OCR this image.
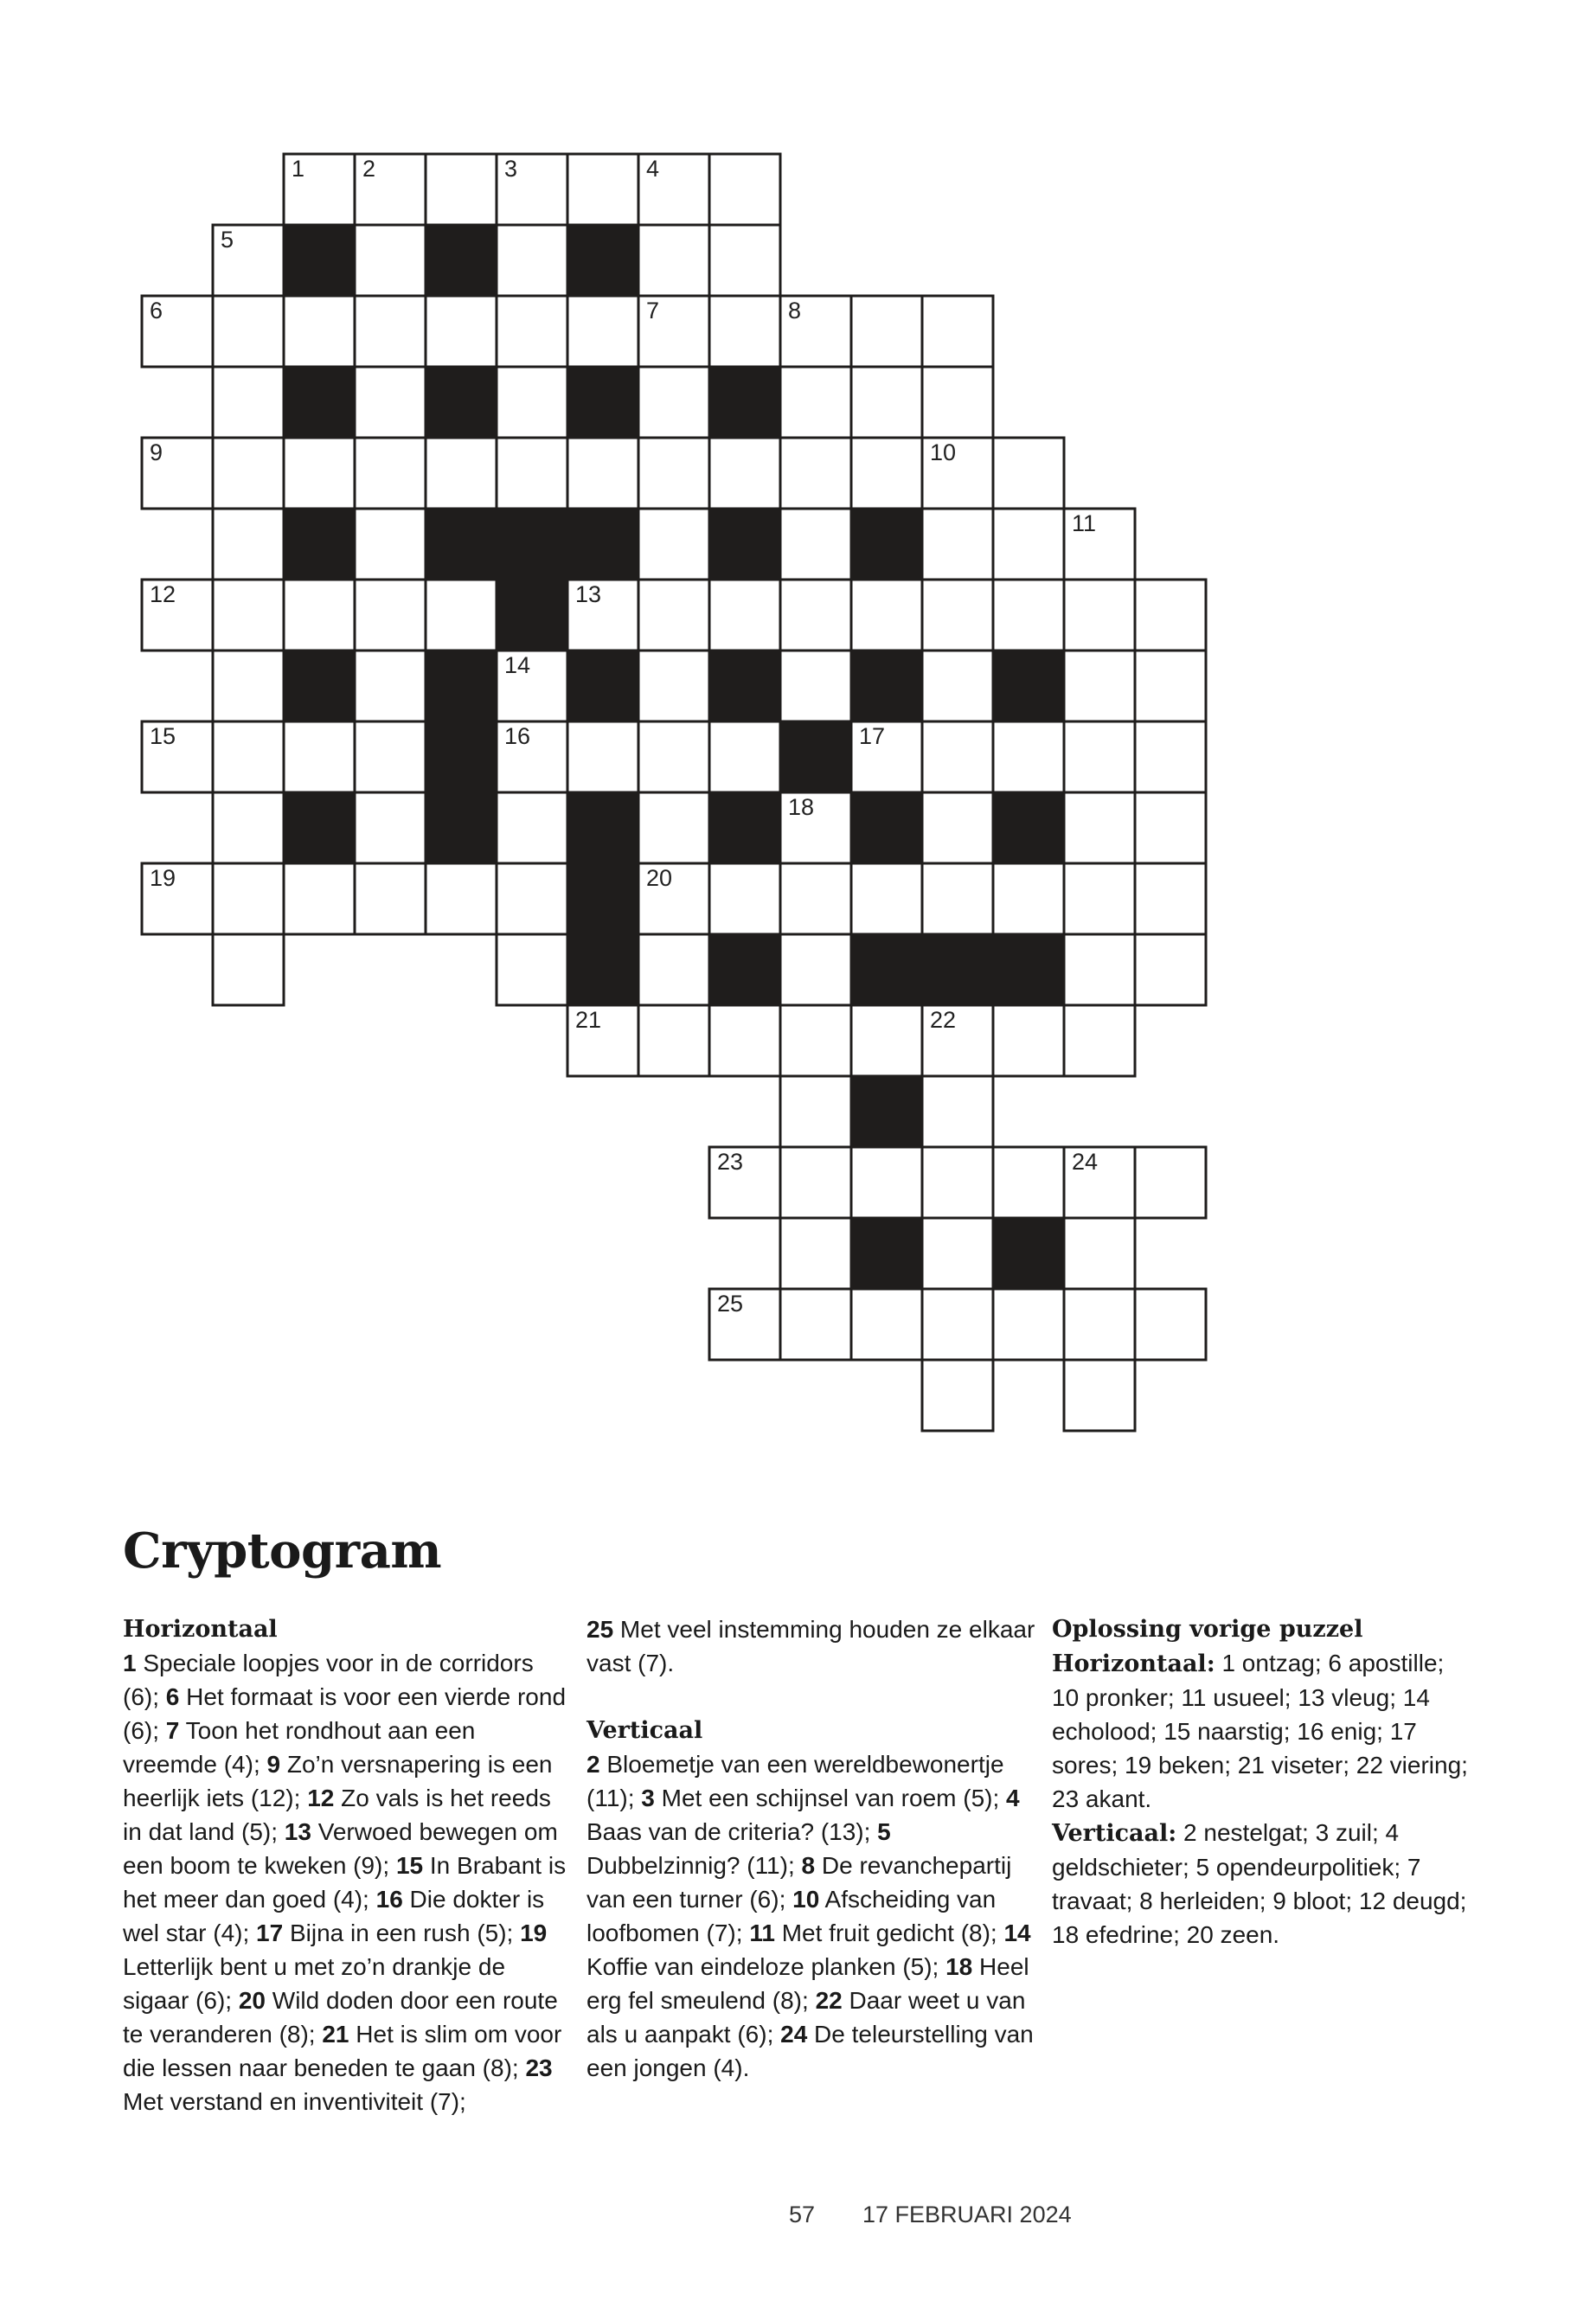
1 2	3	4
5
6	7	8
9	10
11
12	13
14
15	16	17
18
19	20
21	22
23	24
25
Cryptogram

Horizontaal

1 Speciale loopjes voor in de corridors (6); 6 Het formaat is voor een vierde rond (6); 7 Toon het rondhout aan een vreemde (4); 9 Zo’n versnapering is een heerlijk iets (12); 12 Zo vals is het reeds in dat land (5); 13 Verwoed bewegen om een boom te kweken (9); 15 In Brabant is het meer dan goed (4); 16 Die dokter is wel star (4); 17 Bijna in een rush (5); 19 Letterlijk bent u met zo’n drankje de sigaar (6); 20 Wild doden door een route te veranderen (8); 21 Het is slim om voor die lessen naar beneden te gaan (8); 23 Met verstand en inventiviteit (7);

25 Met veel instemming houden ze elkaar vast (7).

Verticaal

2 Bloemetje van een wereldbewonertje (11); 3 Met een schijnsel van roem (5); 4 Baas van de criteria? (13); 5 Dubbelzinnig? (11); 8 De revanchepartij van een turner (6); 10 Afscheiding van loofbomen (7); 11 Met fruit gedicht (8); 14 Koffie van eindeloze planken (5); 18 Heel erg fel smeulend (8); 22 Daar weet u van als u aanpakt (6); 24 De teleurstelling van een jongen (4).

Oplossing vorige puzzel

Horizontaal: 1 ontzag; 6 apostille; 10 pronker; 11 usueel; 13 vleug; 14 echolood; 15 naarstig; 16 enig; 17 sores; 19 beken; 21 viseter; 22 viering; 23 akant.

Verticaal: 2 nestelgat; 3 zuil; 4 geldschieter; 5 opendeurpolitiek; 7 travaat; 8 herleiden; 9 bloot; 12 deugd; 18 efedrine; 20 zeen.

57 17 FEBRUARI 2024
